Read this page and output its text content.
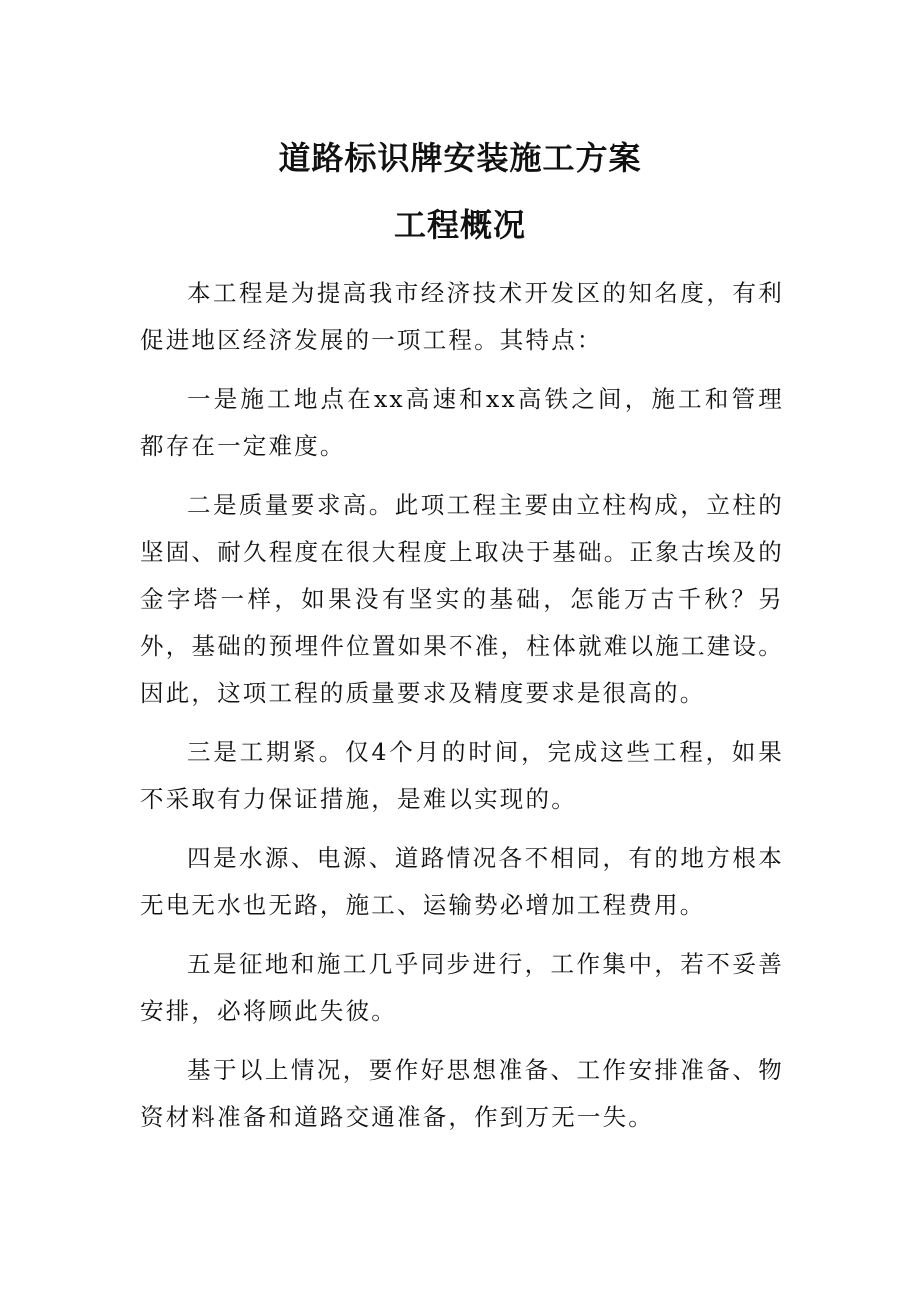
道路标识牌安装施工方案
工程概况

本工程是为提高我市经济技术开发区的知名度，有利促进地区经济发展的一项工程。其特点：

一是施工地点在xx高速和xx高铁之间，施工和管理都存在一定难度。

二是质量要求高。此项工程主要由立柱构成，立柱的坚固、耐久程度在很大程度上取决于基础。正象古埃及的金字塔一样，如果没有坚实的基础，怎能万古千秋？另外，基础的预埋件位置如果不准，柱体就难以施工建设。因此，这项工程的质量要求及精度要求是很高的。

三是工期紧。仅4个月的时间，完成这些工程，如果不采取有力保证措施，是难以实现的。

四是水源、电源、道路情况各不相同，有的地方根本无电无水也无路，施工、运输势必增加工程费用。

五是征地和施工几乎同步进行，工作集中，若不妥善安排，必将顾此失彼。

基于以上情况，要作好思想准备、工作安排准备、物资材料准备和道路交通准备，作到万无一失。
